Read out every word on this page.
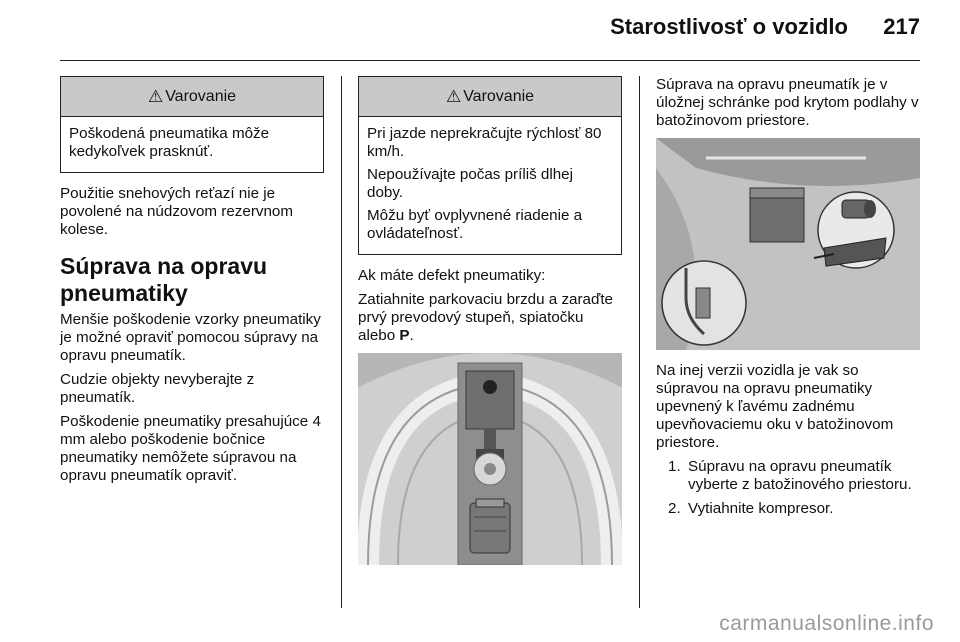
Starostlivosť o vozidlo 217
⚠ Varovanie

Poškodená pneumatika môže kedykoľvek prasknúť.

Použitie snehových reťazí nie je povolené na núdzovom rezervnom kolese.

Súprava na opravu pneumatiky

Menšie poškodenie vzorky pneumatiky je možné opraviť pomocou súpravy na opravu pneumatík.

Cudzie objekty nevyberajte z pneumatík.

Poškodenie pneumatiky presahujúce 4 mm alebo poškodenie bočnice pneumatiky nemôžete súpravou na opravu pneumatík opraviť.

⚠ Varovanie

Pri jazde neprekračujte rýchlosť 80 km/h.

Nepoužívajte počas príliš dlhej doby.

Môžu byť ovplyvnené riadenie a ovládateľnosť.

Ak máte defekt pneumatiky:

Zatiahnite parkovaciu brzdu a zaraďte prvý prevodový stupeň, spiatočku alebo P.

Súprava na opravu pneumatík je v úložnej schránke pod krytom podlahy v batožinovom priestore.

Na inej verzii vozidla je vak so súpravou na opravu pneumatiky upevnený k ľavému zadnému upevňovaciemu oku v batožinovom priestore.

1. Súpravu na opravu pneumatík vyberte z batožinového priestoru.
2. Vytiahnite kompresor.
carmanualsonline.info
